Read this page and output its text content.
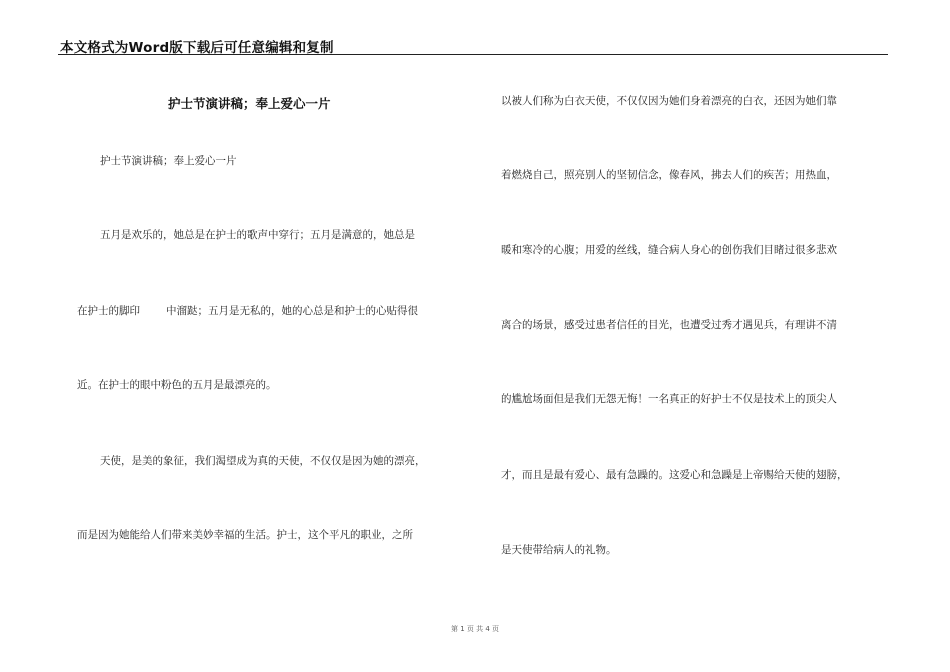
本文格式为Word版下载后可任意编辑和复制
护士节演讲稿；奉上爱心一片
护士节演讲稿；奉上爱心一片
五月是欢乐的，她总是在护士的歌声中穿行；五月是满意的，她总是
在护士的脚印 中溜跶；五月是无私的，她的心总是和护士的心贴得很
近。在护士的眼中粉色的五月是最漂亮的。
天使，是美的象征，我们渴望成为真的天使，不仅仅是因为她的漂亮，
而是因为她能给人们带来美妙幸福的生活。护士，这个平凡的职业，之所
以被人们称为白衣天使，不仅仅因为她们身着漂亮的白衣，还因为她们靠
着燃烧自己，照亮别人的坚韧信念，像春风，拂去人们的疾苦；用热血，
暖和寒冷的心腹；用爱的丝线，缝合病人身心的创伤我们目睹过很多悲欢
离合的场景，感受过患者信任的目光，也遭受过秀才遇见兵，有理讲不清
的尴尬场面但是我们无怨无悔！一名真正的好护士不仅是技术上的顶尖人
才，而且是最有爱心、最有急躁的。这爱心和急躁是上帝赐给天使的翅膀，
是天使带给病人的礼物。
第 1 页 共 4 页
